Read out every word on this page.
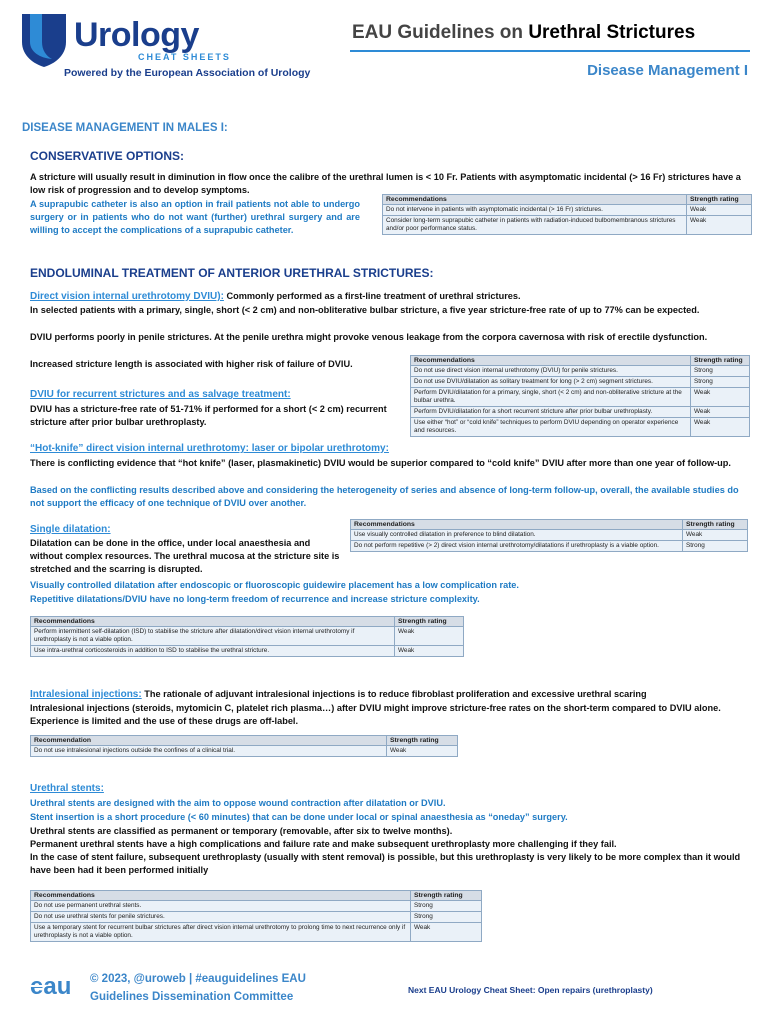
Urology
CHEAT SHEETS
Powered by the European Association of Urology
EAU Guidelines on Urethral Strictures
Disease Management I
DISEASE MANAGEMENT IN MALES I:
CONSERVATIVE OPTIONS:
A stricture will usually result in diminution in flow once the calibre of the urethral lumen is < 10 Fr. Patients with asymptomatic incidental (> 16 Fr) strictures have a low risk of progression and to develop symptoms.
A suprapubic catheter is also an option in frail patients not able to undergo surgery or in patients who do not want (further) urethral surgery and are willing to accept the complications of a suprapubic catheter.
Recommendations	Strength rating
Do not intervene in patients with asymptomatic incidental (> 16 Fr) strictures.	Weak
Consider long-term suprapubic catheter in patients with radiation-induced bulbomembranous strictures and/or poor performance status.	Weak
ENDOLUMINAL TREATMENT OF ANTERIOR URETHRAL STRICTURES:
Direct vision internal urethrotomy DVIU): Commonly performed as a first-line treatment of urethral strictures.
In selected patients with a primary, single, short (< 2 cm) and non-obliterative bulbar stricture, a five year stricture-free rate of up to 77% can be expected.
DVIU performs poorly in penile strictures. At the penile urethra might provoke venous leakage from the corpora cavernosa with risk of erectile dysfunction.
Increased stricture length is associated with higher risk of failure of DVIU.	Recommendations	Strength rating
Do not use direct vision internal urethrotomy (DVIU) for penile strictures.	Strong
Do not use DVIU/dilatation as solitary treatment for long (> 2 cm) segment strictures.	Strong
Perform DVIU/dilatation for a primary, single, short (< 2 cm) and non-obliterative stricture at the bulbar urethra.	Weak
Perform DVIU/dilatation for a short recurrent stricture after prior bulbar urethroplasty.	Weak
Use either “hot” or “cold knife” techniques to perform DVIU depending on operator experience and resources.	Weak
DVIU for recurrent strictures and as salvage treatment:
DVIU has a stricture-free rate of 51-71% if performed for a short (< 2 cm) recurrent stricture after prior bulbar urethroplasty.
“Hot-knife” direct vision internal urethrotomy: laser or bipolar urethrotomy:
There is conflicting evidence that “hot knife” (laser, plasmakinetic) DVIU would be superior compared to “cold knife” DVIU after more than one year of follow-up.
Based on the conflicting results described above and considering the heterogeneity of series and absence of long-term follow-up, overall, the available studies do not support the efficacy of one technique of DVIU over another.
Single dilatation:
Dilatation can be done in the office, under local anaesthesia and without complex resources. The urethral mucosa at the stricture site is stretched and the scarring is disrupted.
Recommendations	Strength rating
Use visually controlled dilatation in preference to blind dilatation.	Weak
Do not perform repetitive (> 2) direct vision internal urethrotomy/dilatations if urethroplasty is a viable option.	Strong
Visually controlled dilatation after endoscopic or fluoroscopic guidewire placement has a low complication rate.
Repetitive dilatations/DVIU have no long-term freedom of recurrence and increase stricture complexity.
Recommendations	Strength rating
Perform intermittent self-dilatation (ISD) to stabilise the stricture after dilatation/direct vision internal urethrotomy if urethroplasty is not a viable option.	Weak
Use intra-urethral corticosteroids in addition to ISD to stabilise the urethral stricture.	Weak
Intralesional injections: The rationale of adjuvant intralesional injections is to reduce fibroblast proliferation and excessive urethral scaring
Intralesional injections (steroids, mytomicin C, platelet rich plasma…) after DVIU might improve stricture-free rates on the short-term compared to DVIU alone. Experience is limited and the use of these drugs are off-label.
Recommendation	Strength rating
Do not use intralesional injections outside the confines of a clinical trial.	Weak
Urethral stents:
Urethral stents are designed with the aim to oppose wound contraction after dilatation or DVIU.
Stent insertion is a short procedure (< 60 minutes) that can be done under local or spinal anaesthesia as “oneday” surgery.
Urethral stents are classified as permanent or temporary (removable, after six to twelve months).
Permanent urethral stents have a high complications and failure rate and make subsequent urethroplasty more challenging if they fail.
In the case of stent failure, subsequent urethroplasty (usually with stent removal) is possible, but this urethroplasty is very likely to be more complex than it would have been had it been performed initially
Recommendations	Strength rating
Do not use permanent urethral stents.	Strong
Do not use urethral stents for penile strictures.	Strong
Use a temporary stent for recurrent bulbar strictures after direct vision internal urethrotomy to prolong time to next recurrence only if urethroplasty is not a viable option.	Weak
eau © 2023, @uroweb | #eauguidelines EAU
Guidelines Dissemination Committee
Next EAU Urology Cheat Sheet: Open repairs (urethroplasty)
